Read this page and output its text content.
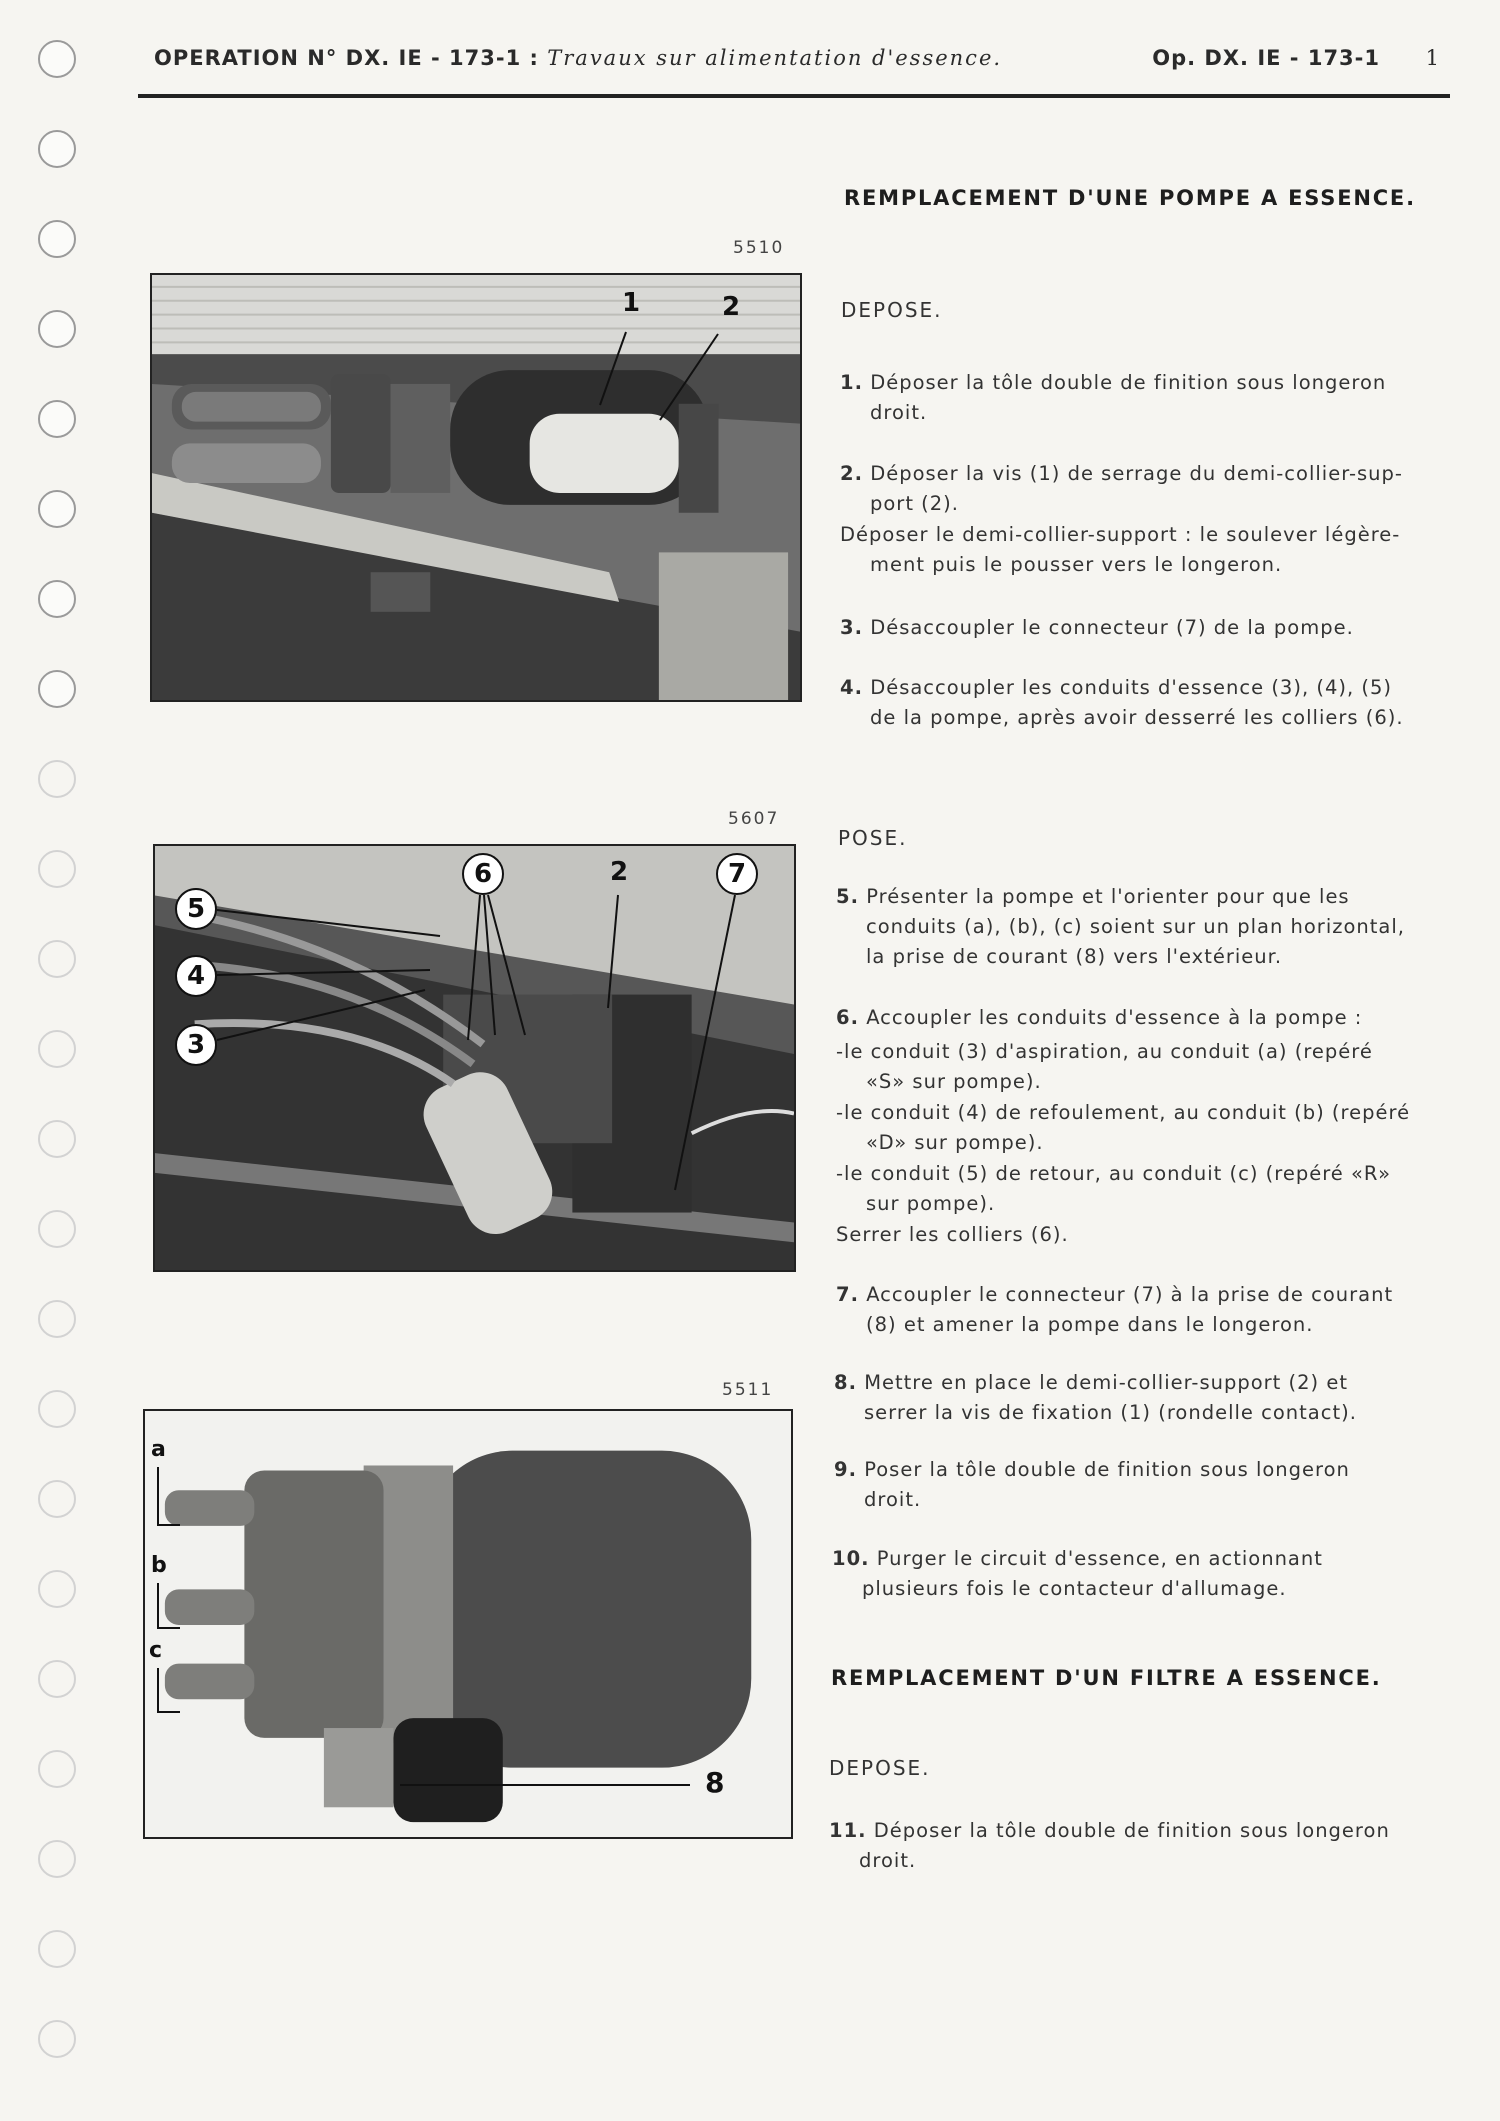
OPERATION N° DX. IE - 173-1 : Travaux sur alimentation d'essence.	Op. DX. IE - 173-1 1
5510
1	2
5607
6	2	7
5
4
3
5511
a
b
c
8
REMPLACEMENT D'UNE POMPE A ESSENCE.
DEPOSE.
1. Déposer la tôle double de finition sous longeron
droit.
2. Déposer la vis (1) de serrage du demi-collier-sup-
port (2).
Déposer le demi-collier-support : le soulever légère-
ment puis le pousser vers le longeron.
3. Désaccoupler le connecteur (7) de la pompe.
4. Désaccoupler les conduits d'essence (3), (4), (5)
de la pompe, après avoir desserré les colliers (6).
POSE.
5. Présenter la pompe et l'orienter pour que les
conduits (a), (b), (c) soient sur un plan horizontal,
la prise de courant (8) vers l'extérieur.
6. Accoupler les conduits d'essence à la pompe :
-le conduit (3) d'aspiration, au conduit (a) (repéré
«S» sur pompe).
-le conduit (4) de refoulement, au conduit (b) (repéré
«D» sur pompe).
-le conduit (5) de retour, au conduit (c) (repéré «R»
sur pompe).
Serrer les colliers (6).
7. Accoupler le connecteur (7) à la prise de courant
(8) et amener la pompe dans le longeron.
8. Mettre en place le demi-collier-support (2) et
serrer la vis de fixation (1) (rondelle contact).
9. Poser la tôle double de finition sous longeron
droit.
10. Purger le circuit d'essence, en actionnant
plusieurs fois le contacteur d'allumage.
REMPLACEMENT D'UN FILTRE A ESSENCE.
DEPOSE.
11. Déposer la tôle double de finition sous longeron
droit.
